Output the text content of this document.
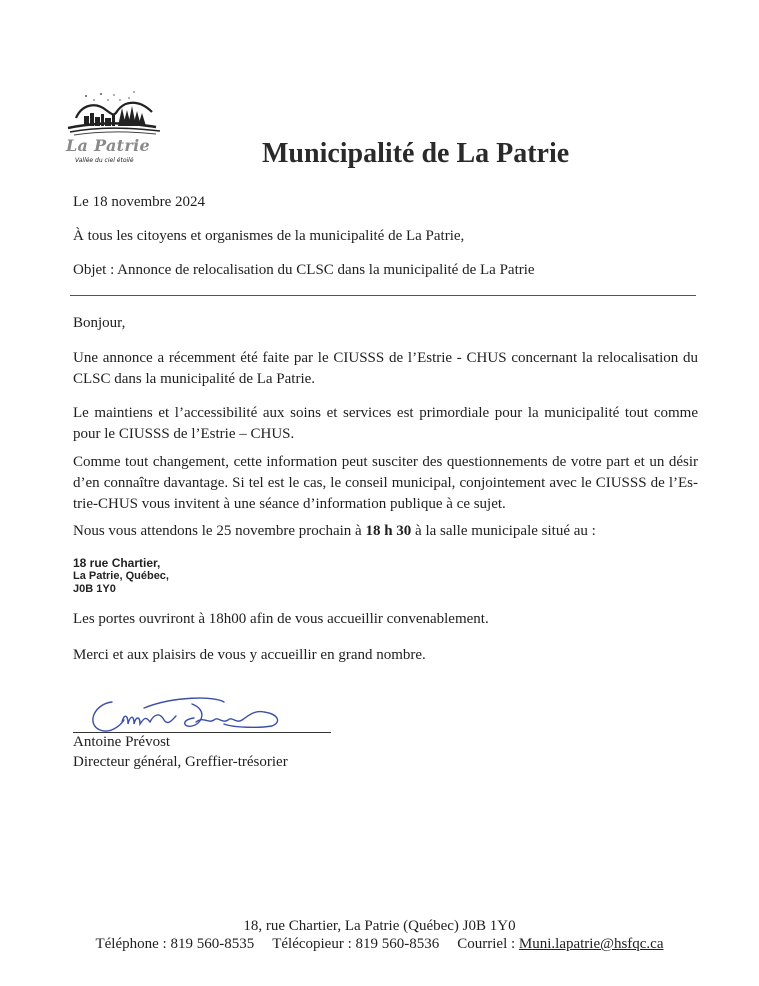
La Patrie
Vallée du ciel étoilé	Municipalité de La Patrie
Le 18 novembre 2024
À tous les citoyens et organismes de la municipalité de La Patrie,
Objet : Annonce de relocalisation du CLSC dans la municipalité de La Patrie
Bonjour,
Une annonce a récemment été faite par le CIUSSS de l’Estrie - CHUS concernant la relocalisation du CLSC dans la municipalité de La Patrie.
Le maintiens et l’accessibilité aux soins et services est primordiale pour la municipalité tout comme pour le CIUSSS de l’Estrie – CHUS.
Comme tout changement, cette information peut susciter des questionnements de votre part et un désir d’en connaître davantage. Si tel est le cas, le conseil municipal, conjointement avec le CIUSSS de l’Es-trie-CHUS vous invitent à une séance d’information publique à ce sujet.
Nous vous attendons le 25 novembre prochain à 18 h 30 à la salle municipale situé au :
18 rue Chartier,
La Patrie, Québec,
J0B 1Y0
Les portes ouvriront à 18h00 afin de vous accueillir convenablement.
Merci et aux plaisirs de vous y accueillir en grand nombre.
Antoine Prévost
Directeur général, Greffier-trésorier
18, rue Chartier, La Patrie (Québec) J0B 1Y0
Téléphone : 819 560-8535 Télécopieur : 819 560-8536 Courriel : Muni.lapatrie@hsfqc.ca
